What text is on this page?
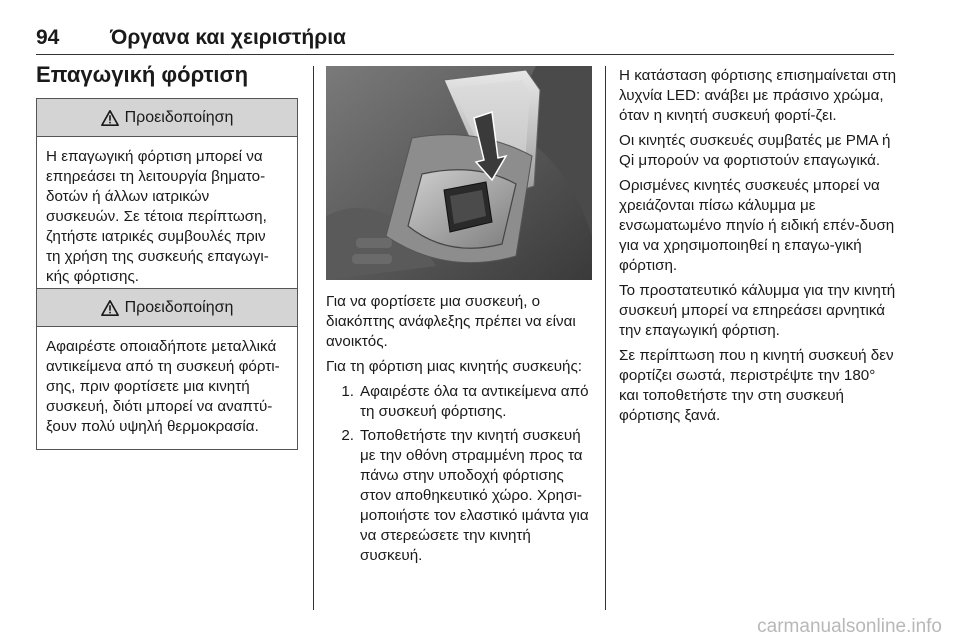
94 Όργανα και χειριστήρια
Επαγωγική φόρτιση
Προειδοποίηση
Η επαγωγική φόρτιση μπορεί να
επηρεάσει τη λειτουργία βηματο-
δοτών ή άλλων ιατρικών
συσκευών. Σε τέτοια περίπτωση,
ζητήστε ιατρικές συμβουλές πριν
τη χρήση της συσκευής επαγωγι-
κής φόρτισης.
Προειδοποίηση
Αφαιρέστε οποιαδήποτε μεταλλικά
αντικείμενα από τη συσκευή φόρτι-
σης, πριν φορτίσετε μια κινητή
συσκευή, διότι μπορεί να αναπτύ-
ξουν πολύ υψηλή θερμοκρασία.

Για να φορτίσετε μια συσκευή, ο διακόπτης ανάφλεξης πρέπει να είναι ανοικτός.

Για τη φόρτιση μιας κινητής συσκευής:

1. Αφαιρέστε όλα τα αντικείμενα από τη συσκευή φόρτισης.
2. Τοποθετήστε την κινητή συσκευή με την οθόνη στραμμένη προς τα πάνω στην υποδοχή φόρτισης στον αποθηκευτικό χώρο. Χρησι-μοποιήστε τον ελαστικό ιμάντα για να στερεώσετε την κινητή συσκευή.

Η κατάσταση φόρτισης επισημαίνεται στη λυχνία LED: ανάβει με πράσινο χρώμα, όταν η κινητή συσκευή φορτί-ζει.

Οι κινητές συσκευές συμβατές με PMA ή Qi μπορούν να φορτιστούν επαγωγικά.

Ορισμένες κινητές συσκευές μπορεί να χρειάζονται πίσω κάλυμμα με ενσωματωμένο πηνίο ή ειδική επέν-δυση για να χρησιμοποιηθεί η επαγω-γική φόρτιση.

Το προστατευτικό κάλυμμα για την κινητή συσκευή μπορεί να επηρεάσει αρνητικά την επαγωγική φόρτιση.

Σε περίπτωση που η κινητή συσκευή δεν φορτίζει σωστά, περιστρέψτε την 180° και τοποθετήστε την στη συσκευή φόρτισης ξανά.

carmanualsonline.info
